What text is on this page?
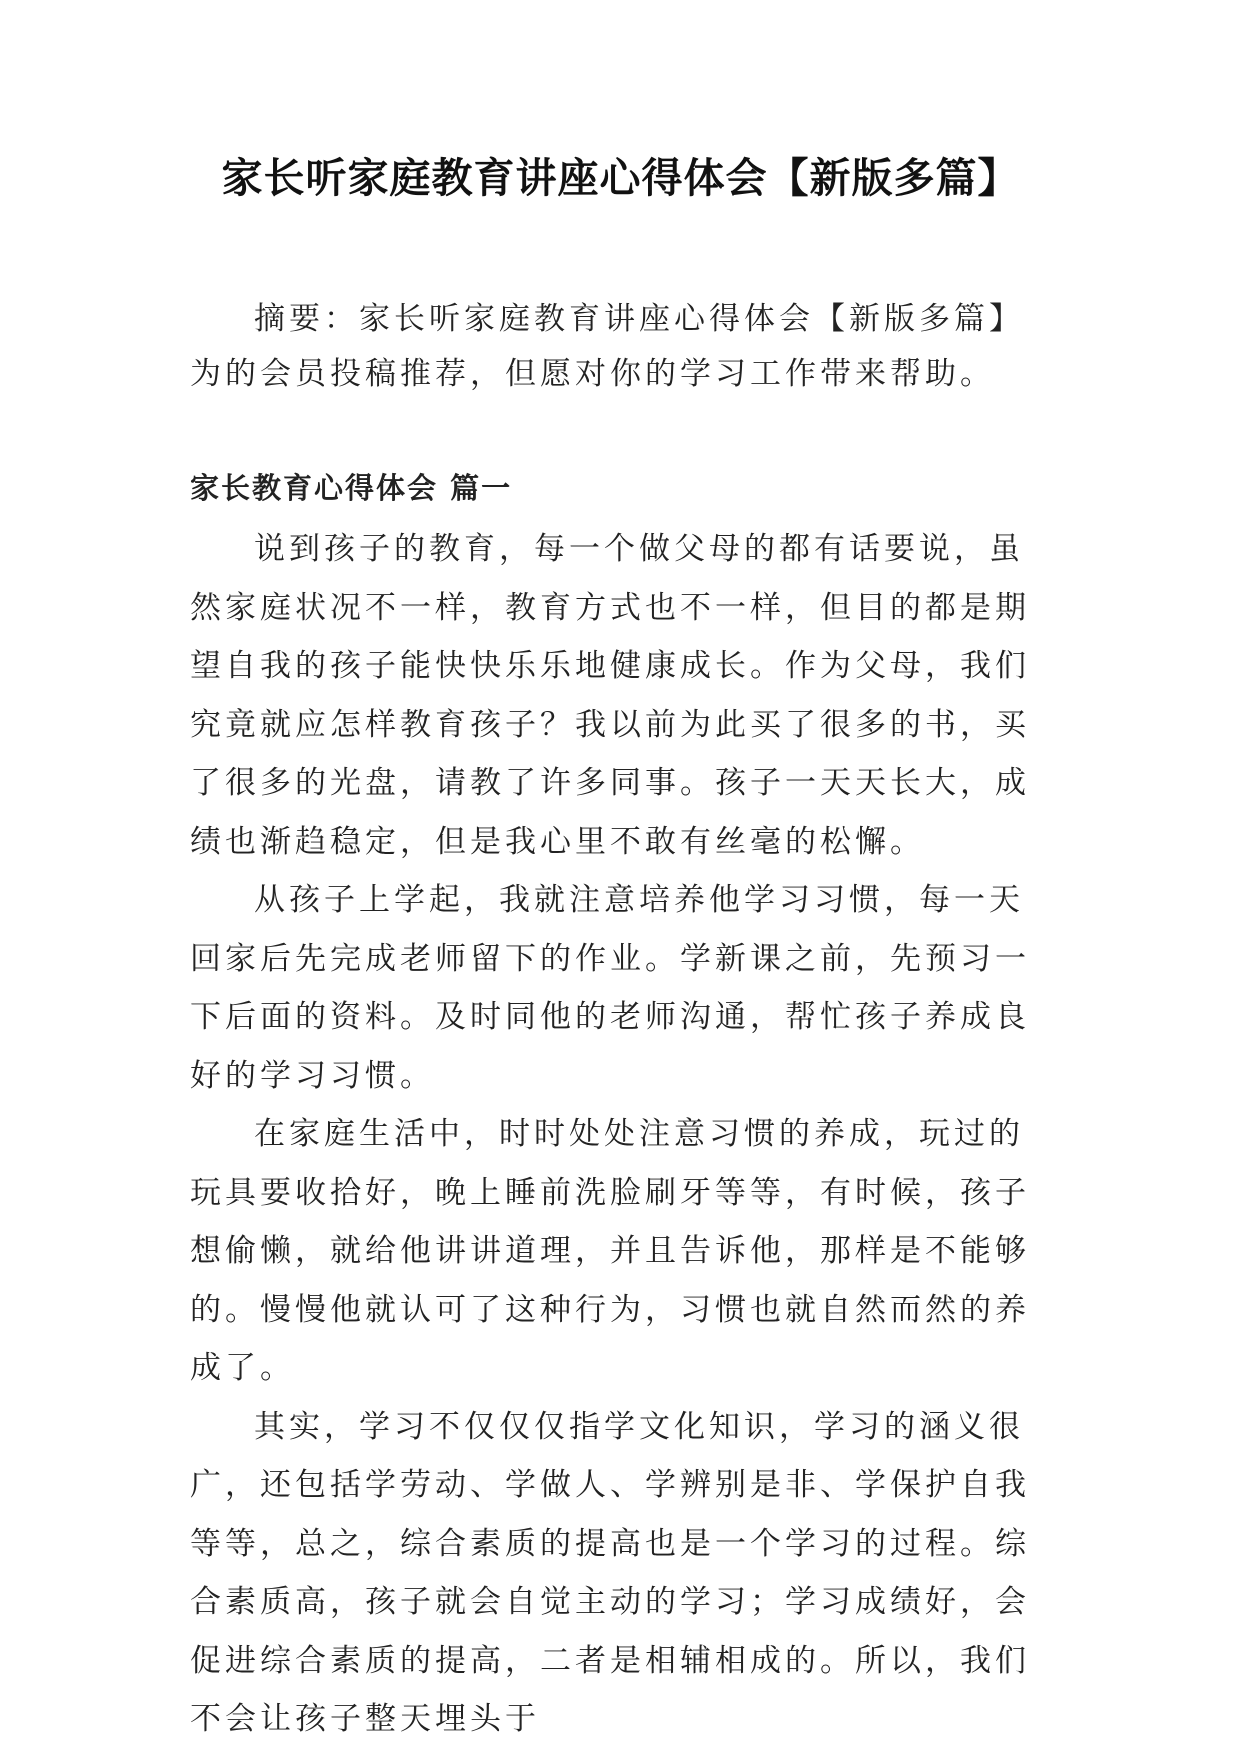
家长听家庭教育讲座心得体会【新版多篇】

摘要：家长听家庭教育讲座心得体会【新版多篇】为的会员投稿推荐，但愿对你的学习工作带来帮助。

家长教育心得体会 篇一

说到孩子的教育，每一个做父母的都有话要说，虽然家庭状况不一样，教育方式也不一样，但目的都是期望自我的孩子能快快乐乐地健康成长。作为父母，我们究竟就应怎样教育孩子？我以前为此买了很多的书，买了很多的光盘，请教了许多同事。孩子一天天长大，成绩也渐趋稳定，但是我心里不敢有丝毫的松懈。

从孩子上学起，我就注意培养他学习习惯，每一天回家后先完成老师留下的作业。学新课之前，先预习一下后面的资料。及时同他的老师沟通，帮忙孩子养成良好的学习习惯。

在家庭生活中，时时处处注意习惯的养成，玩过的玩具要收拾好，晚上睡前洗脸刷牙等等，有时候，孩子想偷懒，就给他讲讲道理，并且告诉他，那样是不能够的。慢慢他就认可了这种行为，习惯也就自然而然的养成了。

其实，学习不仅仅仅指学文化知识，学习的涵义很广，还包括学劳动、学做人、学辨别是非、学保护自我等等，总之，综合素质的提高也是一个学习的过程。综合素质高，孩子就会自觉主动的学习；学习成绩好，会促进综合素质的提高，二者是相辅相成的。所以，我们不会让孩子整天埋头于
